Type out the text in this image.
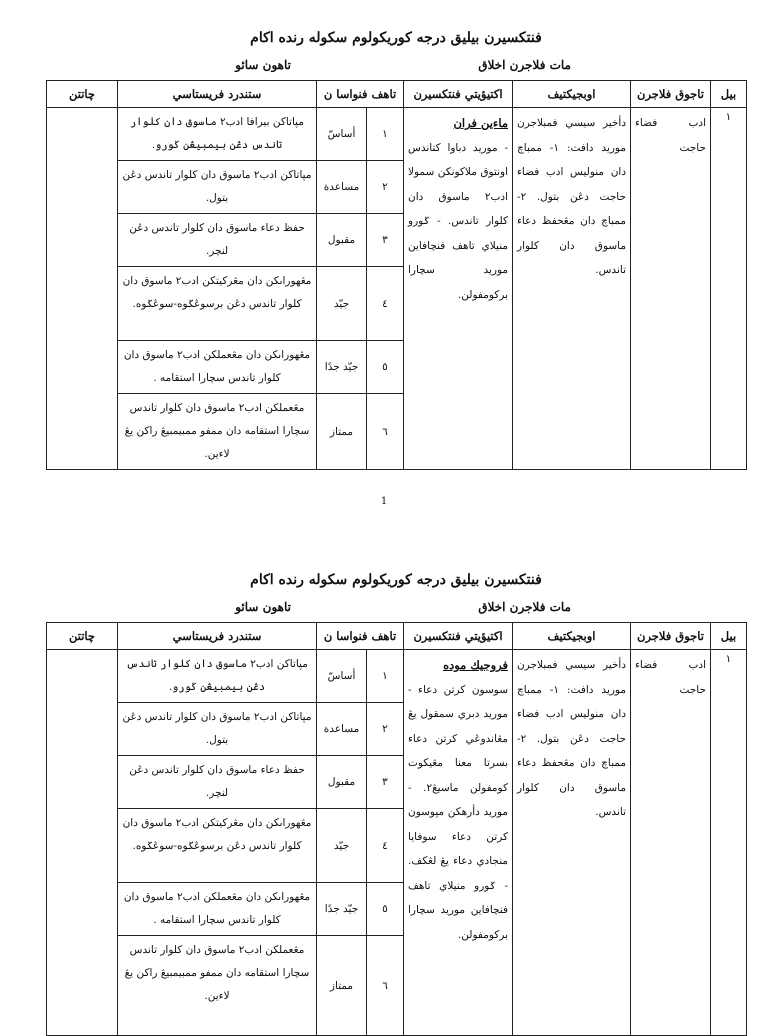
فنتكسيرن بيليق درجه كوريكولوم سكوله رنده اكام
مات فلاجرن اخلاق
تاهون سائو
بيل	تاجوق فلاجرن	اوبجيكتيف	اكتيؤيتي فنتكسيرن	تاهف فنواسا ن		ستندرد فريستاسي	چاتتن
١	ادب فضاء حاجت	دأخير سيسي فمبلاجرن موريد دافت: ١- ممباچ دان منوليس ادب فضاء حاجت دڠن بتول. ٢- ممباچ دان مڠحفظ دعاء ماسوق دان كلوار تاندس.	ماءين فران
- موريد دباوا كتاندس اونتوق ملاكونكن سمولا ادب٢ ماسوق دان كلوار تاندس. - ݢورو منيلاي تاهف فنچافاين موريد سچارا بركومفولن.	١	أساسّ	مڽاتاكن بيرافا ادب٢ ماسوق دان كلوار تاندس دڠن بيمبيڠن ݢورو.	
				٢	مساعدة	مڽاتاكن ادب٢ ماسوق دان كلوار تاندس دڠن بتول.	
				٣	مقبول	حفظ دعاء ماسوق دان كلوار تاندس دڠن لنچر.	
				٤	جيّد	مڠهوراىكن دان مڠركيتكن ادب٢ ماسوق دان كلوار تاندس دڠن برسوڠݢوه-سوڠݢوه.	
				٥	جيّد جدًا	مڠهوراىكن دان مڠعملكن ادب٢ ماسوق دان كلوار تاندس سچارا استقامه .	
				٦	ممتاز	مڠعملكن ادب٢ ماسوق دان كلوار تاندس سچارا استقامه دان ممفو ممبيمبيڠ راكن يڠ لاءين.	
1
فنتكسيرن بيليق درجه كوريكولوم سكوله رنده اكام
مات فلاجرن اخلاق
تاهون سائو
بيل	تاجوق فلاجرن	اوبجيكتيف	اكتيؤيتي فنتكسيرن	تاهف فنواسا ن		ستندرد فريستاسي	چاتتن
١	ادب فضاء حاجت	دأخير سيسي فمبلاجرن موريد دافت: ١- ممباچ دان منوليس ادب فضاء حاجت دڠن بتول. ٢- ممباچ دان مڠحفظ دعاء ماسوق دان كلوار تاندس.	فروجيك موده
سوسون كرتن دعاء - موريد دبري سمقول يڠ مڠاندوڠي كرتن دعاء بسرتا معنا مڠيكوت كومفولن ماسيڠ٢. - موريد دأرهكن مڽوسون كرتن دعاء سوفايا منجادي دعاء يڠ لڠكف. - ݢورو منيلاي تاهف فنچافاين موريد سچارا بركومفولن.	١	أساسّ	مڽاتاكن ادب٢ ماسوق دان كلوار تاندس دڠن بيمبيڠن ݢورو.	
				٢	مساعدة	مڽاتاكن ادب٢ ماسوق دان كلوار تاندس دڠن بتول.	
				٣	مقبول	حفظ دعاء ماسوق دان كلوار تاندس دڠن لنچر.	
				٤	جيّد	مڠهوراىكن دان مڠركيتكن ادب٢ ماسوق دان كلوار تاندس دڠن برسوڠݢوه-سوڠݢوه.	
				٥	جيّد جدًا	مڠهوراىكن دان مڠعملكن ادب٢ ماسوق دان كلوار تاندس سچارا استقامه .	
				٦	ممتاز	مڠعملكن ادب٢ ماسوق دان كلوار تاندس سچارا استقامه دان ممفو ممبيمبيڠ راكن يڠ لاءين.	
